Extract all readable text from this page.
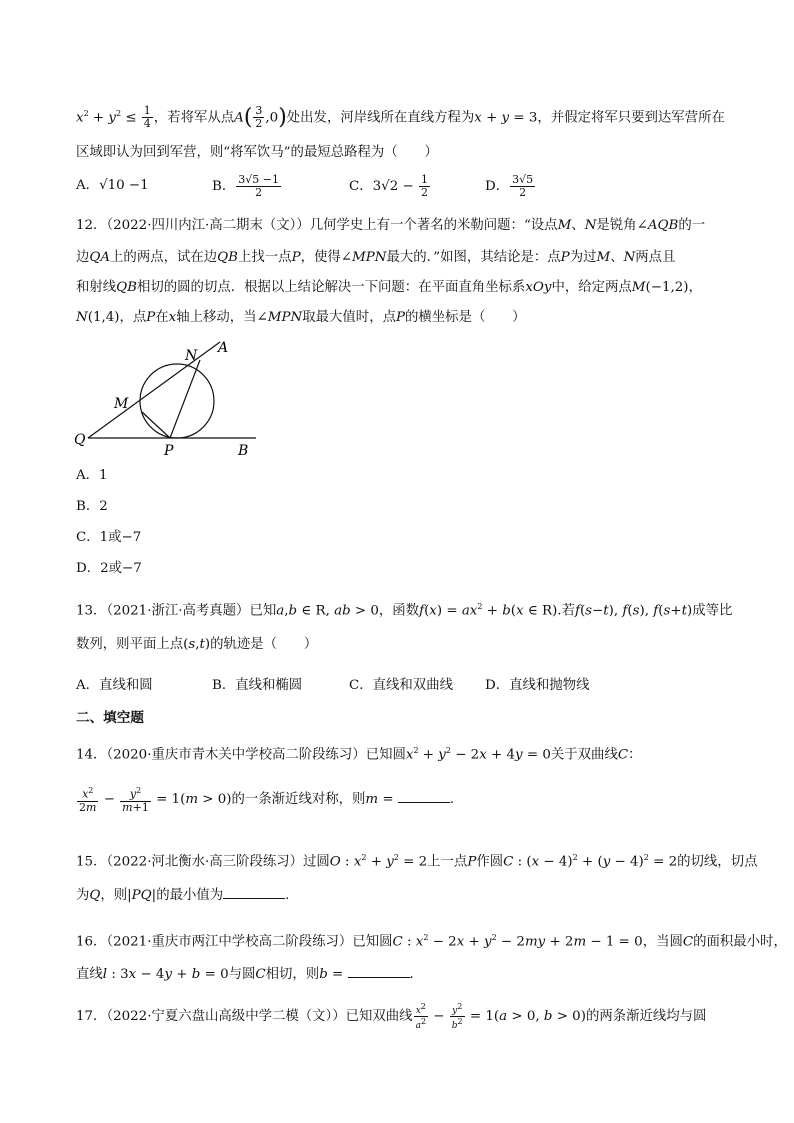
$x^2 + y^2 \le \frac{1}{4}$ ，若将军从点$A( \frac{3}{2} ,0)$处出发，河岸线所在直线方程为x + y = 3，并假定将军只要到达军营所在
区域即认为回到军营，则“将军饮马”的最短总路程为（　　）
A．√10 −1	B． $\frac{3√5 -1}{2}$	C．$3√2 - \frac{1}{2}$	D． $\frac{3√5}{2}$
12．（2022·四川内江·高二期末（文））几何学史上有一个著名的米勒问题：“设点M、N是锐角∠AQB的一
边QA上的两点，试在边QB上找一点P，使得∠MPN最大的．”如图，其结论是：点P为过M、N两点且
和射线QB相切的圆的切点．根据以上结论解决一下问题：在平面直角坐标系xOy中，给定两点M(−1,2)，
N(1,4)，点P在x轴上移动，当∠MPN取最大值时，点P的横坐标是（　　）
N A
M
Q
P	B
A．1
B．2
C．1或−7
D．2或−7
13．（2021·浙江·高考真题）已知a,b ∈ R, ab > 0，函数$f(x) = ax^2 + b(x$ ∈ R).若f(s−t), f(s), f(s+t)成等比
数列，则平面上点(s,t)的轨迹是（　　）
A．直线和圆	B．直线和椭圆	C．直线和双曲线 D．直线和抛物线
二、填空题
14．（2020·重庆市青木关中学校高二阶段练习）已知圆$x^2 + y^2 - 2x + 4y = 0$关于双曲线C：
$\frac{x^2}{2m} - \frac{y^2}{m+1} = 1(m > 0)$的一条渐近线对称，则m =	.
15．（2022·河北衡水·高三阶段练习）过圆O : $x^2 + y^2 = 2$上一点P作圆C : $(x - 4)^2 + (y - 4)^2 = 2$的切线，切点
为Q，则|PQ|的最小值为	.
16．（2021·重庆市两江中学校高二阶段练习）已知圆C : $x^2 - 2x + y^2 - 2my + 2m - 1 = 0$，当圆C的面积最小时，
直线l : 3x − 4y + b = 0与圆C相切，则b =	．
17．（2022·宁夏六盘山高级中学二模（文））已知双曲线 $\frac{x2}{a2} - \frac{y2}{b2} = 1(a > 0$, b > 0)的两条渐近线均与圆
